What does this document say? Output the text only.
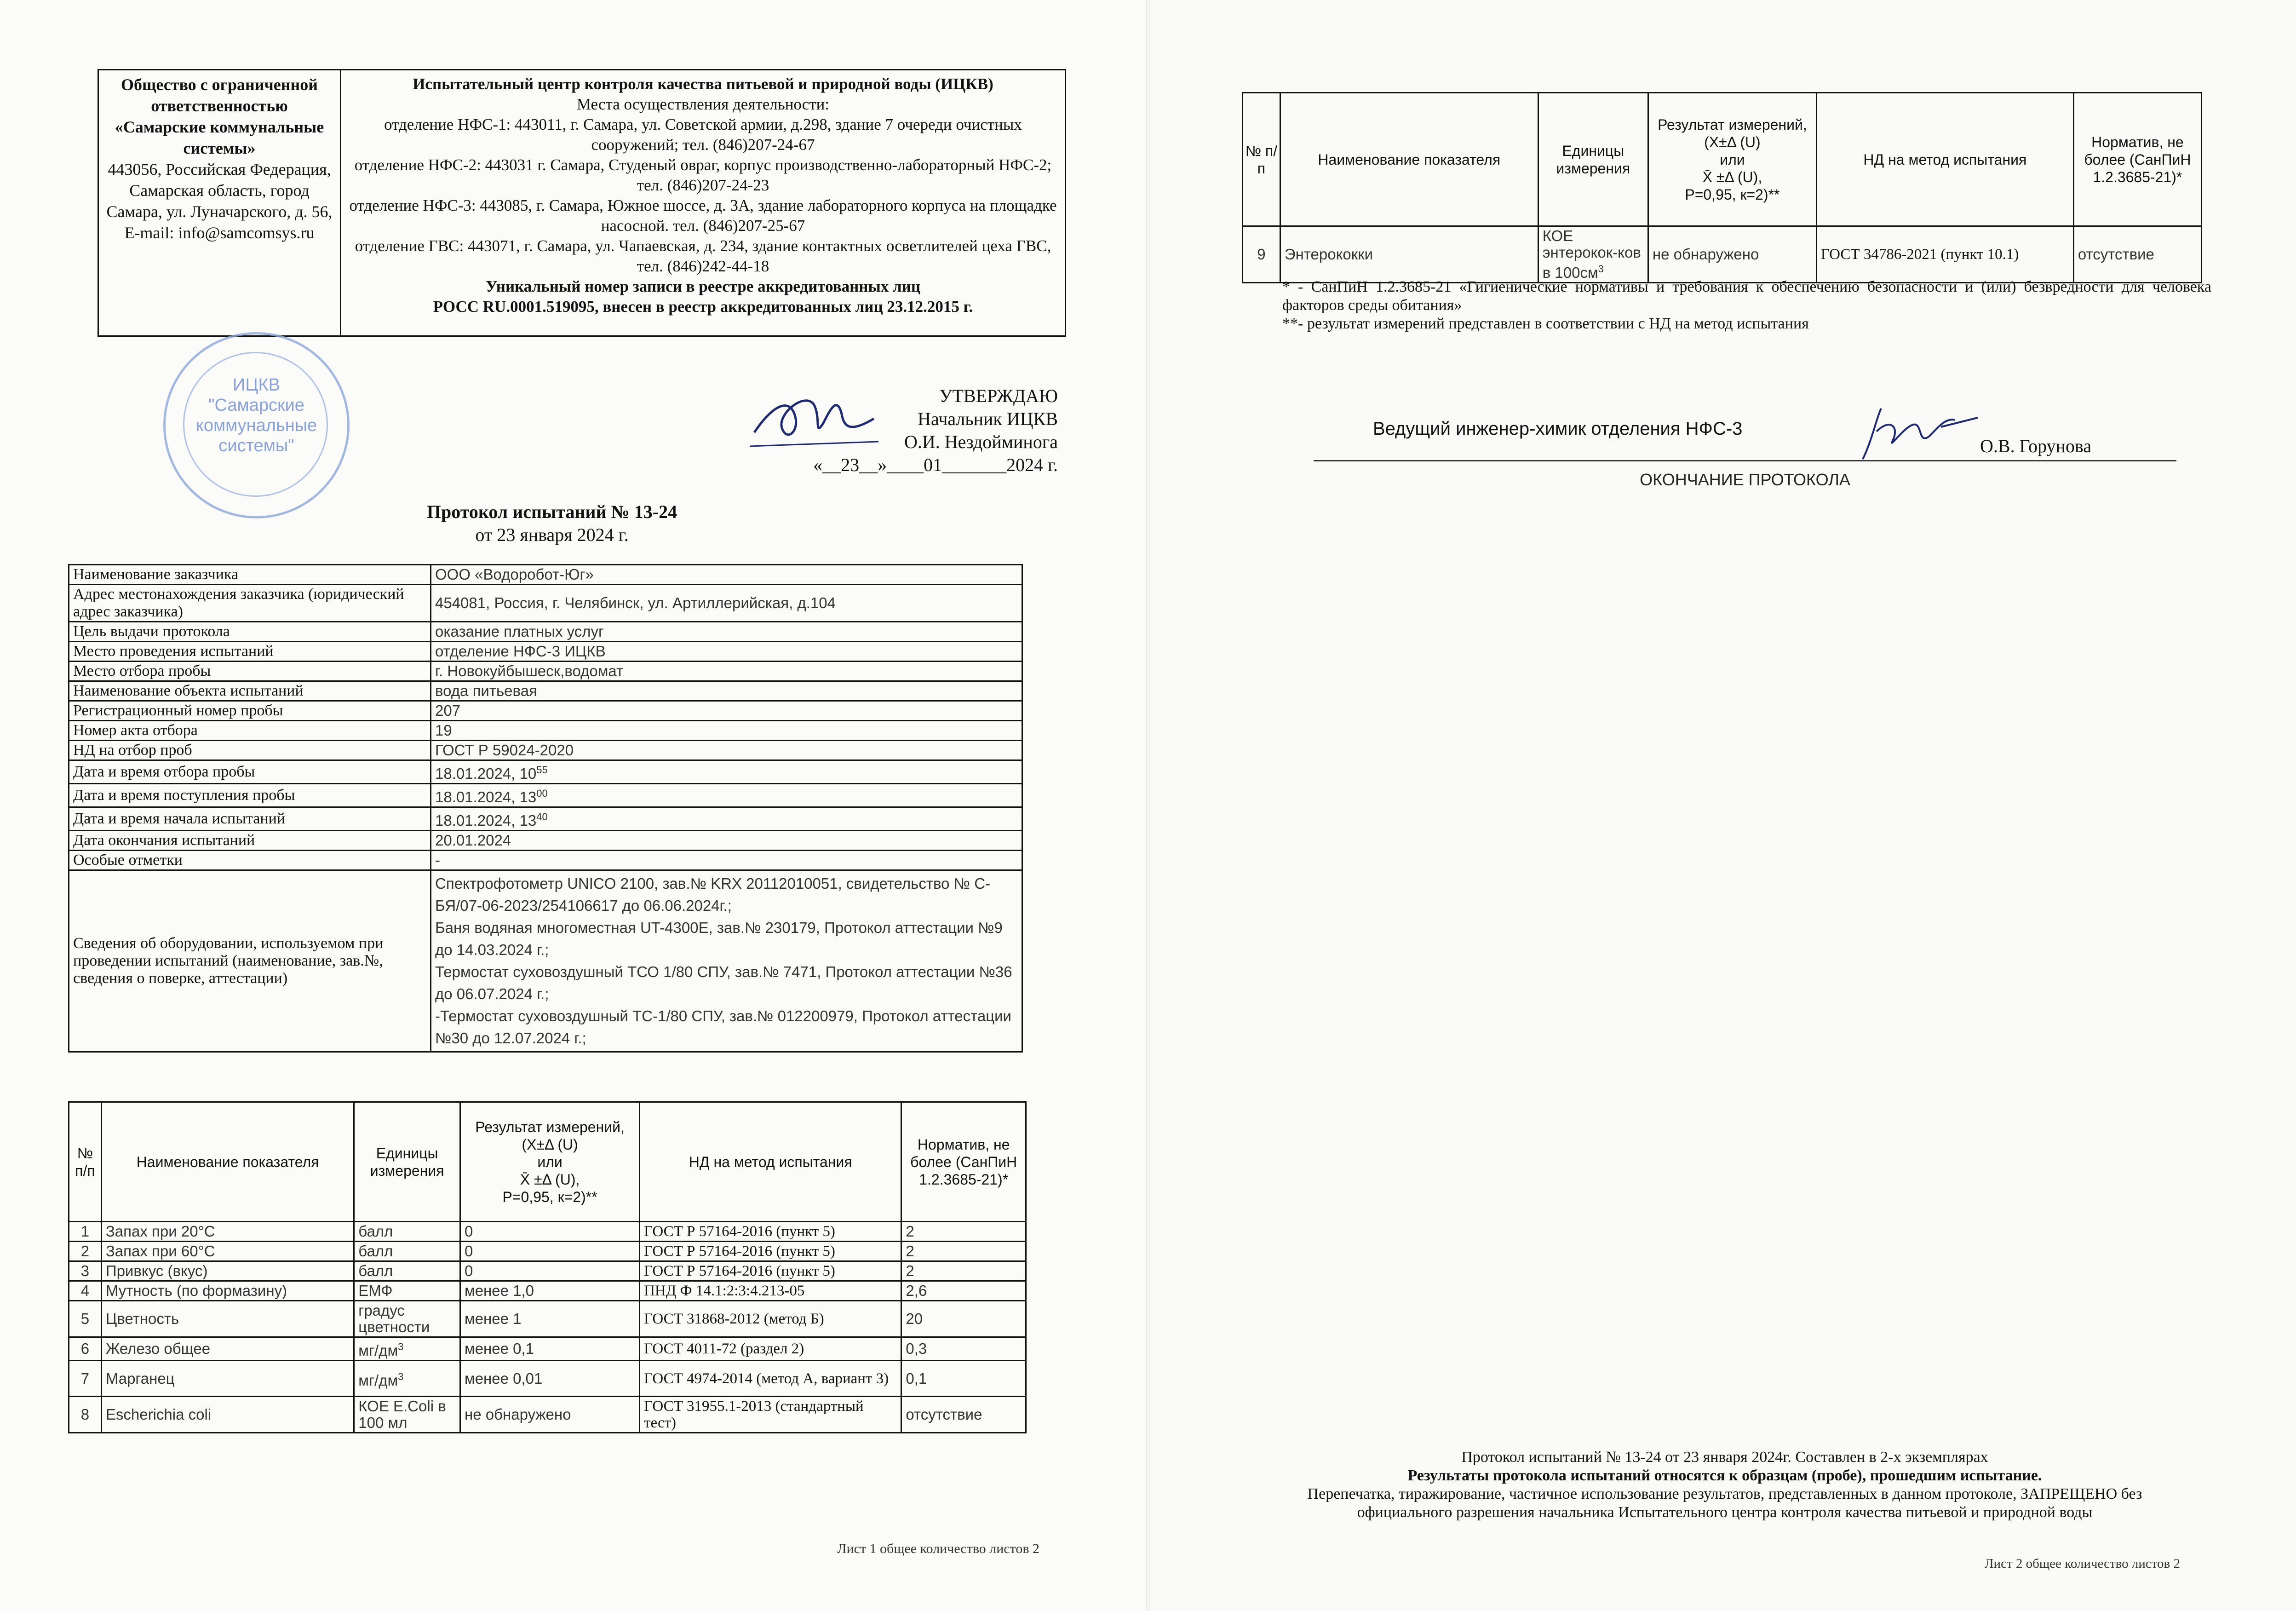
Общество с ограниченной ответственностью «Самарские коммунальные системы»
443056, Российская Федерация, Самарская область, город Самара, ул. Луначарского, д. 56,
E-mail: info@samcomsys.ru

Испытательный центр контроля качества питьевой и природной воды (ИЦКВ)
Места осуществления деятельности:
отделение НФС-1: 443011, г. Самара, ул. Советской армии, д.298, здание 7 очереди очистных сооружений; тел. (846)207-24-67
отделение НФС-2: 443031 г. Самара, Студеный овраг, корпус производственно-лабораторный НФС-2; тел. (846)207-24-23
отделение НФС-3: 443085, г. Самара, Южное шоссе, д. 3А, здание лабораторного корпуса на площадке насосной. тел. (846)207-25-67
отделение ГВС: 443071, г. Самара, ул. Чапаевская, д. 234, здание контактных осветлителей цеха ГВС, тел. (846)242-44-18
Уникальный номер записи в реестре аккредитованных лиц
РОСС RU.0001.519095, внесен в реестр аккредитованных лиц 23.12.2015 г.
ИЦКВ
"Самарские
коммунальные
системы"
УТВЕРЖДАЮ
Начальник ИЦКВ
О.И. Нездойминога
«__23__»____01_______2024 г.
Протокол испытаний № 13-24
от 23 января 2024 г.
Наименование заказчика	ООО «Водоробот-Юг»
Адрес местонахождения заказчика (юридический адрес заказчика)	454081, Россия, г. Челябинск, ул. Артиллерийская, д.104
Цель выдачи протокола	оказание платных услуг
Место проведения испытаний	отделение НФС-3 ИЦКВ
Место отбора пробы	г. Новокуйбышеск,водомат
Наименование объекта испытаний	вода питьевая
Регистрационный номер пробы	207
Номер акта отбора	19
НД на отбор проб	ГОСТ Р 59024-2020
Дата и время отбора пробы	18.01.2024, $10^{55}$
Дата и время поступления пробы	18.01.2024, $13^{00}$
Дата и время начала испытаний	18.01.2024, $13^{40}$
Дата окончания испытаний	20.01.2024
Особые отметки	-
Сведения об оборудовании, используемом при проведении испытаний (наименование, зав.№, сведения о поверке, аттестации)	Спектрофотометр UNICO 2100, зав.№ KRX 20112010051, свидетельство № С-БЯ/07-06-2023/254106617 до 06.06.2024г.;
Баня водяная многоместная UT-4300Е, зав.№ 230179, Протокол аттестации №9 до 14.03.2024 г.;
Термостат суховоздушный ТСО 1/80 СПУ, зав.№ 7471, Протокол аттестации №36 до 06.07.2024 г.;
-Термостат суховоздушный ТС-1/80 СПУ, зав.№ 012200979, Протокол аттестации №30 до 12.07.2024 г.;
№ п/п	Наименование показателя	Единицы измерения	Результат измерений, (X±Δ (U)
или
X̄ ±Δ (U),
P=0,95, к=2)**	НД на метод испытания	Норматив, не более (СанПиН 1.2.3685-21)*
1	Запах при 20°С	балл	0	ГОСТ Р 57164-2016 (пункт 5)	2
2	Запах при 60°С	балл	0	ГОСТ Р 57164-2016 (пункт 5)	2
3	Привкус (вкус)	балл	0	ГОСТ Р 57164-2016 (пункт 5)	2
4	Мутность (по формазину)	ЕМФ	менее 1,0	ПНД Ф 14.1:2:3:4.213-05	2,6
5	Цветность	градус цветности	менее 1	ГОСТ 31868-2012 (метод Б)	20
6	Железо общее	$мг/дм^3$	менее 0,1	ГОСТ 4011-72 (раздел 2)	0,3
7	Марганец	$мг/дм^3$	менее 0,01	ГОСТ 4974-2014 (метод А, вариант 3)	0,1
8	Escherichia coli	КОЕ E.Coli в 100 мл	не обнаружено	ГОСТ 31955.1-2013 (стандартный тест)	отсутствие
Лист 1 общее количество листов 2
№ п/п	Наименование показателя	Единицы измерения	Результат измерений, (X±Δ (U)
или
X̄ ±Δ (U),
P=0,95, к=2)**	НД на метод испытания	Норматив, не более (СанПиН 1.2.3685-21)*
9	Энтерококки	КОЕ энтерокок-ков в $100см^3$	не обнаружено	ГОСТ 34786-2021 (пункт 10.1)	отсутствие
* - СанПиН 1.2.3685-21 «Гигиенические нормативы и требования к обеспечению безопасности и (или) безвредности для человека факторов среды обитания»
**- результат измерений представлен в соответствии с НД на метод испытания
Ведущий инженер-химик отделения НФС-3
О.В. Горунова
ОКОНЧАНИЕ ПРОТОКОЛА
Протокол испытаний № 13-24 от 23 января 2024г. Составлен в 2-х экземплярах
Результаты протокола испытаний относятся к образцам (пробе), прошедшим испытание.
Перепечатка, тиражирование, частичное использование результатов, представленных в данном протоколе, ЗАПРЕЩЕНО без официального разрешения начальника Испытательного центра контроля качества питьевой и природной воды
Лист 2 общее количество листов 2
